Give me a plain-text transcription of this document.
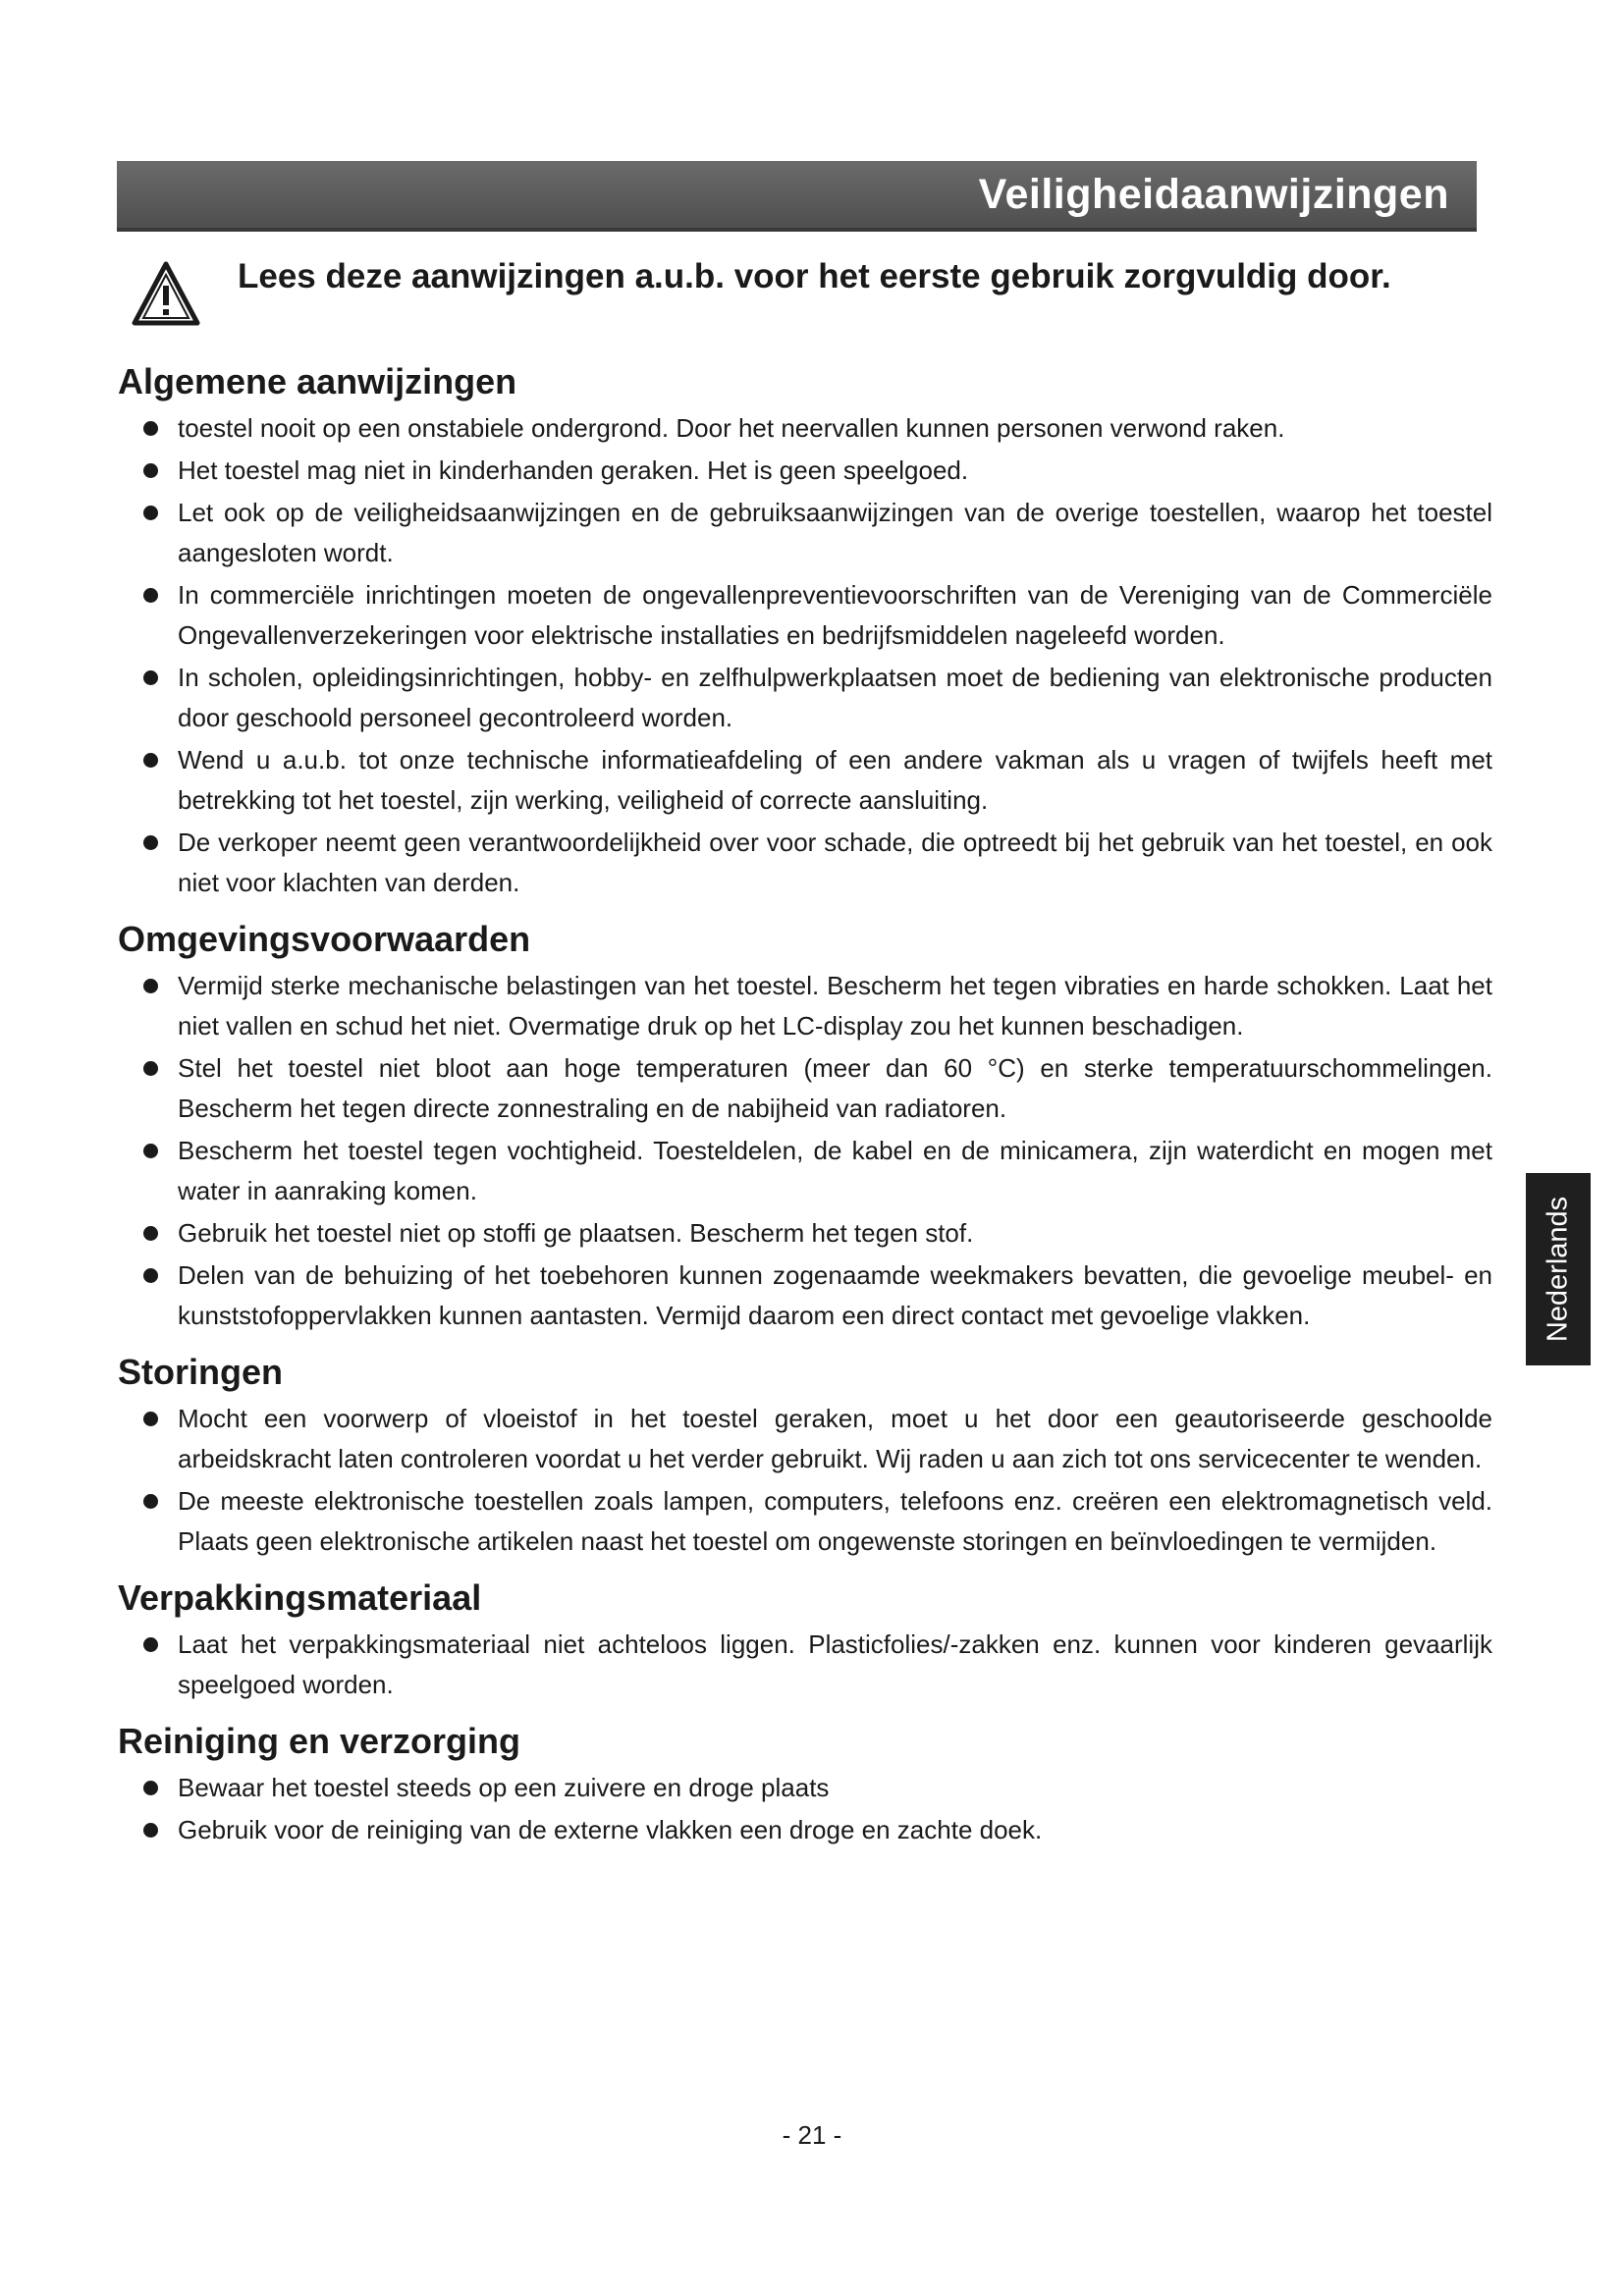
Veiligheidaanwijzingen
Lees deze aanwijzingen a.u.b. voor het eerste gebruik zorgvuldig door.
Algemene aanwijzingen
toestel nooit op een onstabiele ondergrond. Door het neervallen kunnen personen verwond raken.
Het toestel mag niet in kinderhanden geraken. Het is geen speelgoed.
Let ook op de veiligheidsaanwijzingen en de gebruiksaanwijzingen van de overige toestellen, waarop het toestel aangesloten wordt.
In commerciële inrichtingen moeten de ongevallenpreventievoorschriften van de Vereniging van de Commerciële Ongevallenverzekeringen voor elektrische installaties en bedrijfsmiddelen nageleefd worden.
In scholen, opleidingsinrichtingen, hobby- en zelfhulpwerkplaatsen moet de bediening van elektronische producten door geschoold personeel gecontroleerd worden.
Wend u a.u.b. tot onze technische informatieafdeling of een andere vakman als u vragen of twijfels heeft met betrekking tot het toestel, zijn werking, veiligheid of correcte aansluiting.
De verkoper neemt geen verantwoordelijkheid over voor schade, die optreedt bij het gebruik van het toestel, en ook niet voor klachten van derden.
Omgevingsvoorwaarden
Vermijd sterke mechanische belastingen van het toestel. Bescherm het tegen vibraties en harde schokken. Laat het niet vallen en schud het niet. Overmatige druk op het LC-display zou het kunnen beschadigen.
Stel het toestel niet bloot aan hoge temperaturen (meer dan 60 °C) en sterke temperatuurschommelingen. Bescherm het tegen directe zonnestraling en de nabijheid van radiatoren.
Bescherm het toestel tegen vochtigheid. Toesteldelen, de kabel en de minicamera, zijn waterdicht en mogen met water in aanraking komen.
Gebruik het toestel niet op stoffi ge plaatsen. Bescherm het tegen stof.
Delen van de behuizing of het toebehoren kunnen zogenaamde weekmakers bevatten, die gevoelige meubel- en kunststofoppervlakken kunnen aantasten. Vermijd daarom een direct contact met gevoelige vlakken.
Storingen
Mocht een voorwerp of vloeistof in het toestel geraken, moet u het door een geautoriseerde geschoolde arbeidskracht laten controleren voordat u het verder gebruikt. Wij raden u aan zich tot ons servicecenter te wenden.
De meeste elektronische toestellen zoals lampen, computers, telefoons enz. creëren een elektromagnetisch veld. Plaats geen elektronische artikelen naast het toestel om ongewenste storingen en beïnvloedingen te vermijden.
Verpakkingsmateriaal
Laat het verpakkingsmateriaal niet achteloos liggen. Plasticfolies/-zakken enz. kunnen voor kinderen gevaarlijk speelgoed worden.
Reiniging en verzorging
Bewaar het toestel steeds op een zuivere en droge plaats
Gebruik voor de reiniging van de externe vlakken een droge en zachte doek.
Nederlands
- 21 -
